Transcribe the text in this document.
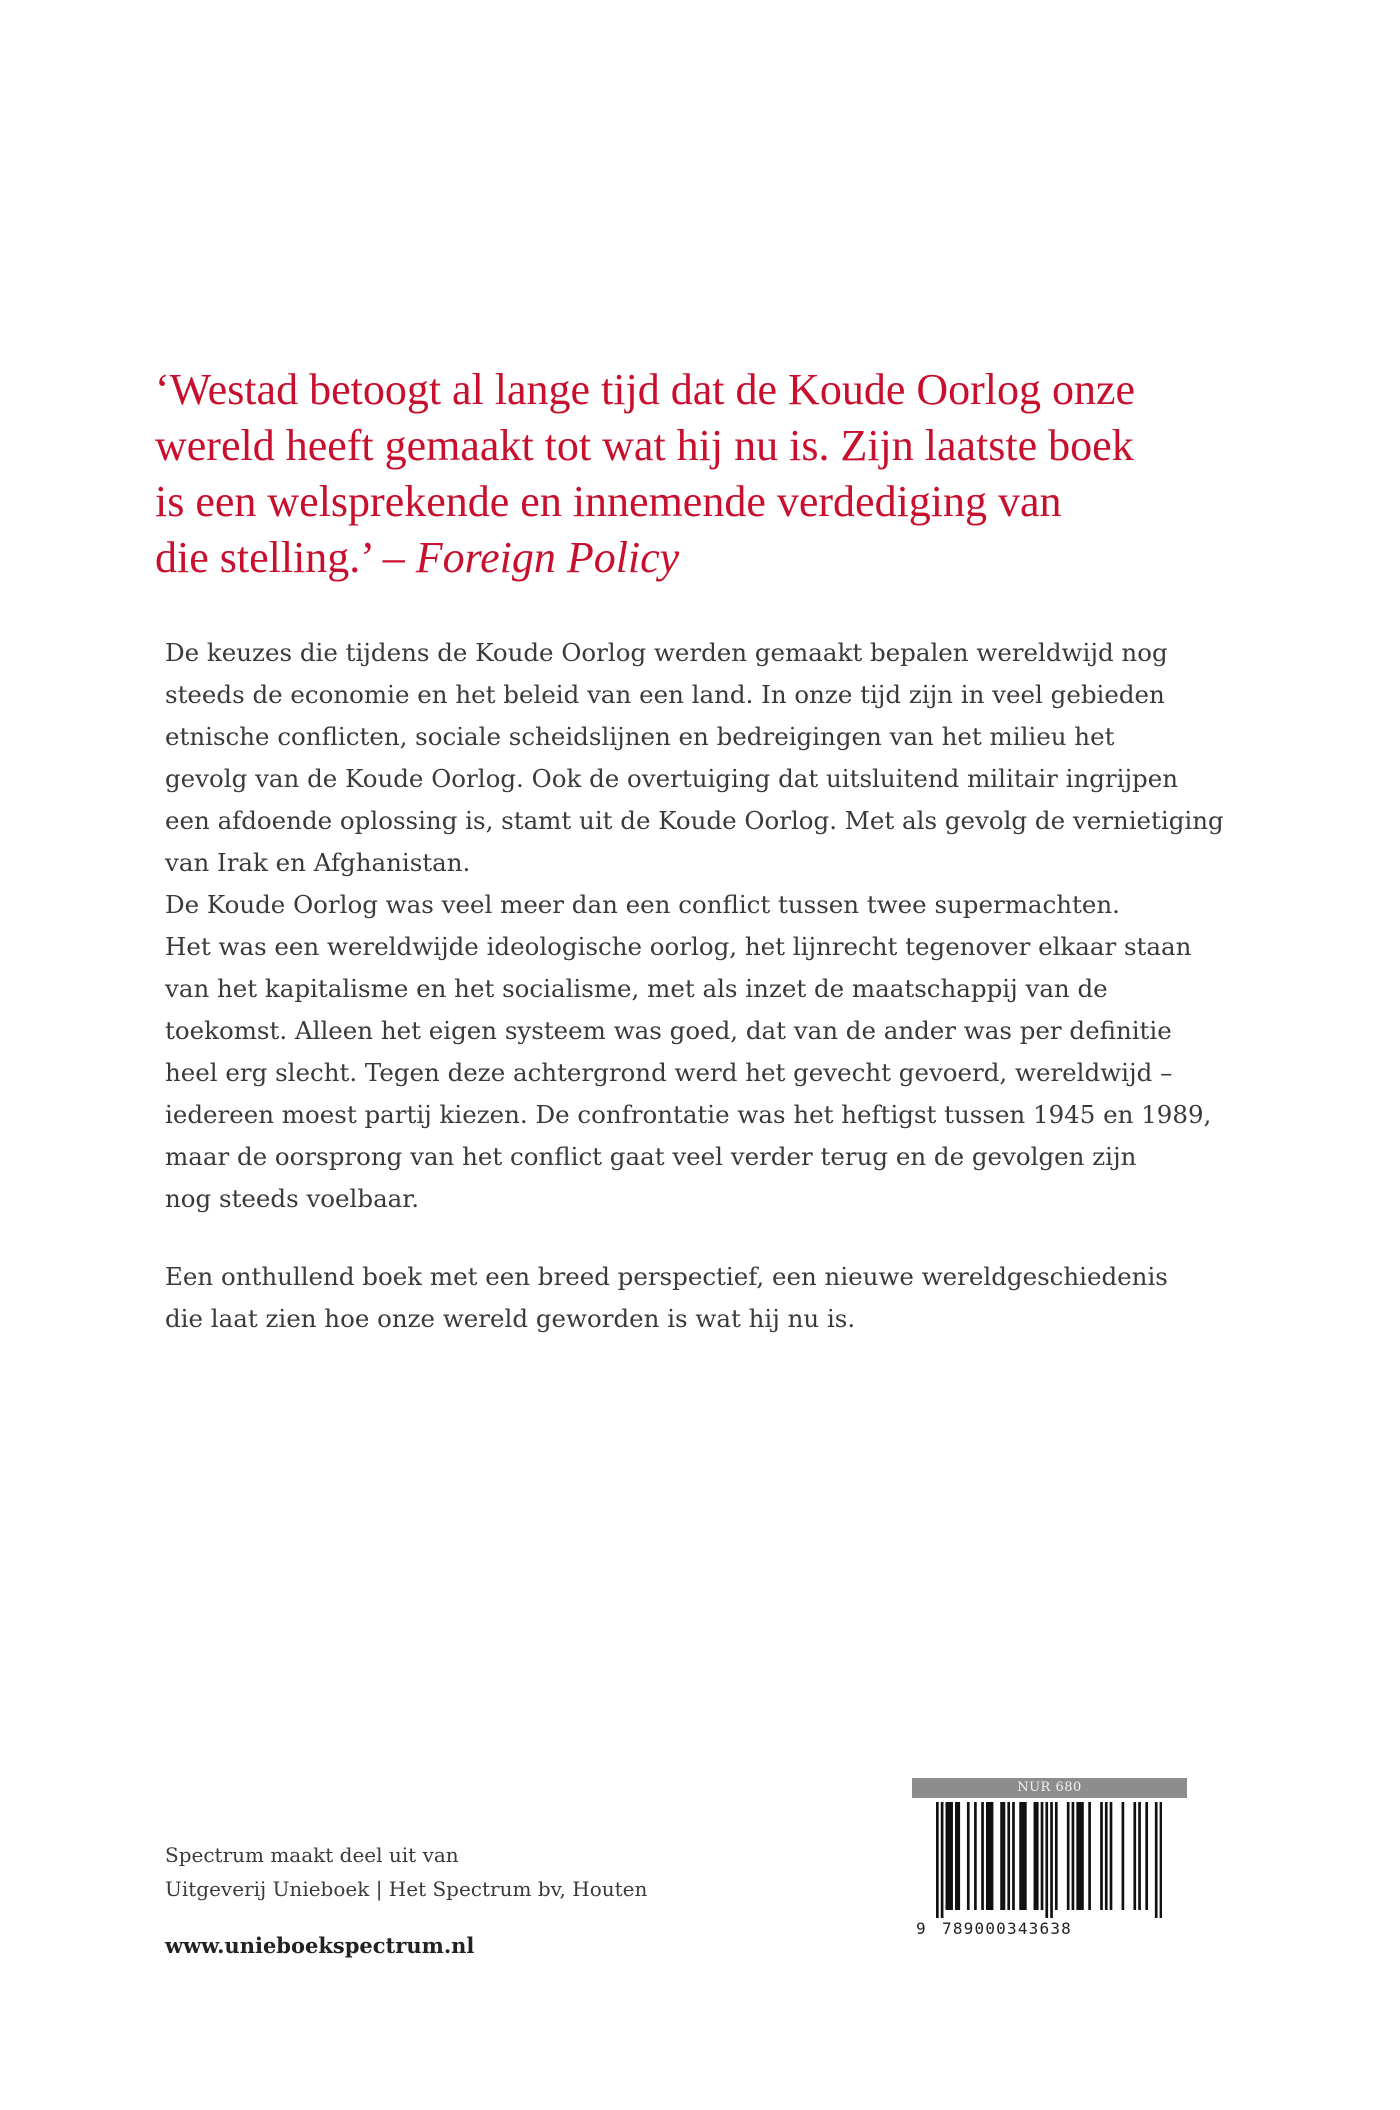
‘Westad betoogt al lange tijd dat de Koude Oorlog onze
wereld heeft gemaakt tot wat hij nu is. Zijn laatste boek
is een welsprekende en innemende verdediging van
die stelling.’ – Foreign Policy

De keuzes die tijdens de Koude Oorlog werden gemaakt bepalen wereldwijd nog
steeds de economie en het beleid van een land. In onze tijd zijn in veel gebieden
etnische conflicten, sociale scheidslijnen en bedreigingen van het milieu het
gevolg van de Koude Oorlog. Ook de overtuiging dat uitsluitend militair ingrijpen
een afdoende oplossing is, stamt uit de Koude Oorlog. Met als gevolg de vernietiging
van Irak en Afghanistan.
De Koude Oorlog was veel meer dan een conflict tussen twee supermachten.
Het was een wereldwijde ideologische oorlog, het lijnrecht tegenover elkaar staan
van het kapitalisme en het socialisme, met als inzet de maatschappij van de
toekomst. Alleen het eigen systeem was goed, dat van de ander was per definitie
heel erg slecht. Tegen deze achtergrond werd het gevecht gevoerd, wereldwijd –
iedereen moest partij kiezen. De confrontatie was het heftigst tussen 1945 en 1989,
maar de oorsprong van het conflict gaat veel verder terug en de gevolgen zijn
nog steeds voelbaar.

Een onthullend boek met een breed perspectief, een nieuwe wereldgeschiedenis
die laat zien hoe onze wereld geworden is wat hij nu is.

Spectrum maakt deel uit van
Uitgeverij Unieboek | Het Spectrum bv, Houten

www.unieboekspectrum.nl

NUR 680
9 789000343638
